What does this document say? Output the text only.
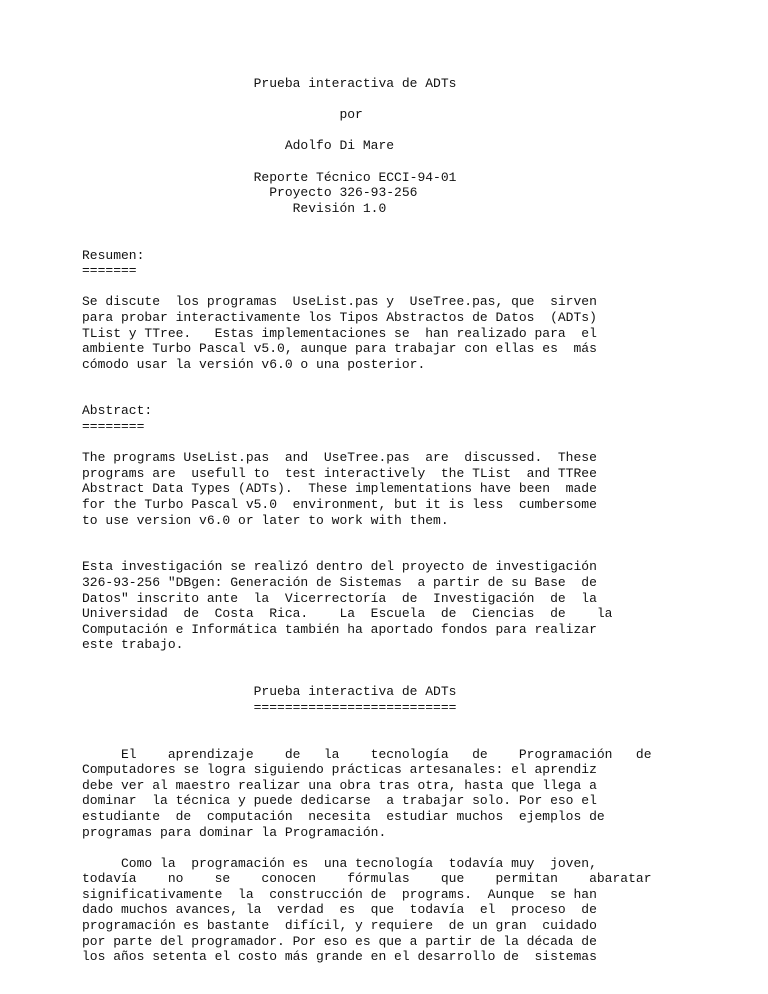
Prueba interactiva de ADTs

por

Adolfo Di Mare

Reporte Técnico ECCI-94-01
Proyecto 326-93-256
Revisión 1.0

Resumen:
=======

Se discute  los programas  UseList.pas y  UseTree.pas, que  sirven
para probar interactivamente los Tipos Abstractos de Datos  (ADTs)
TList y TTree.   Estas implementaciones se  han realizado para  el
ambiente Turbo Pascal v5.0, aunque para trabajar con ellas es  más
cómodo usar la versión v6.0 o una posterior.

Abstract:
========

The programs UseList.pas  and  UseTree.pas  are  discussed.  These
programs are  usefull to  test interactively  the TList  and TTRee
Abstract Data Types (ADTs).  These implementations have been  made
for the Turbo Pascal v5.0  environment, but it is less  cumbersome
to use version v6.0 or later to work with them.

Esta investigación se realizó dentro del proyecto de investigación
326-93-256 "DBgen: Generación de Sistemas  a partir de su Base  de
Datos" inscrito ante  la  Vicerrectoría  de  Investigación  de  la
Universidad  de  Costa  Rica.    La  Escuela  de  Ciencias  de    la
Computación e Informática también ha aportado fondos para realizar
este trabajo.

Prueba interactiva de ADTs
==========================

El    aprendizaje    de   la    tecnología   de    Programación   de
Computadores se logra siguiendo prácticas artesanales: el aprendiz
debe ver al maestro realizar una obra tras otra, hasta que llega a
dominar  la técnica y puede dedicarse  a trabajar solo. Por eso el
estudiante  de  computación  necesita  estudiar muchos  ejemplos de
programas para dominar la Programación.

Como la  programación es  una tecnología  todavía muy  joven,
todavía    no    se    conocen    fórmulas    que    permitan    abaratar
significativamente  la  construcción de  programs.  Aunque  se han
dado muchos avances, la  verdad  es  que  todavía  el  proceso  de
programación es bastante  difícil, y requiere  de un gran  cuidado
por parte del programador. Por eso es que a partir de la década de
los años setenta el costo más grande en el desarrollo de  sistemas
